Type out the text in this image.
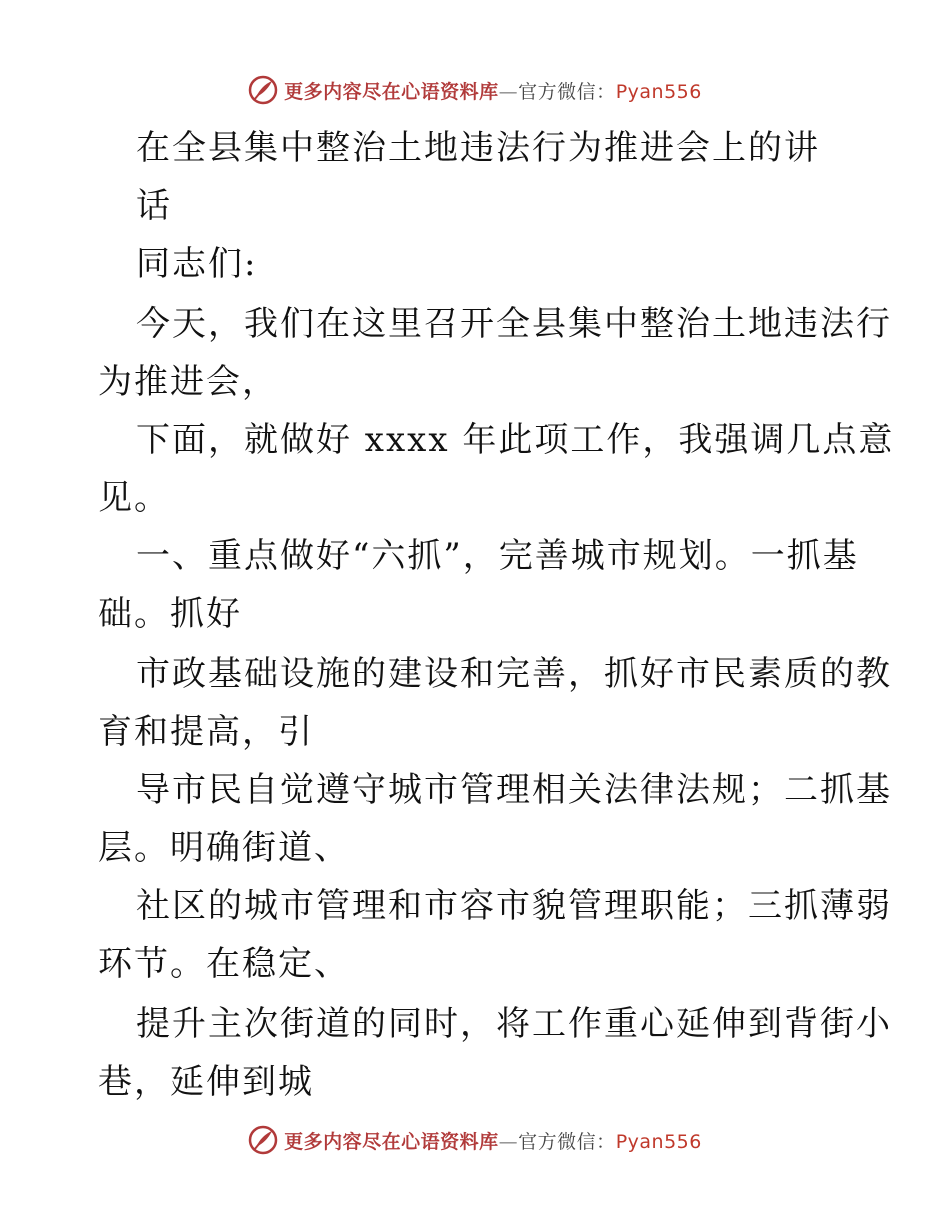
更多内容尽在心语资料库—官方微信：Pyan556
在全县集中整治土地违法行为推进会上的讲
话
同志们:
今天，我们在这里召开全县集中整治土地违法行
为推进会，
下面，就做好 xxxx 年此项工作，我强调几点意
见。
一、重点做好“六抓”，完善城市规划。一抓基
础。抓好
市政基础设施的建设和完善，抓好市民素质的教
育和提高，引
导市民自觉遵守城市管理相关法律法规；二抓基
层。明确街道、
社区的城市管理和市容市貌管理职能；三抓薄弱
环节。在稳定、
提升主次街道的同时，将工作重心延伸到背街小
巷，延伸到城
更多内容尽在心语资料库—官方微信：Pyan556
